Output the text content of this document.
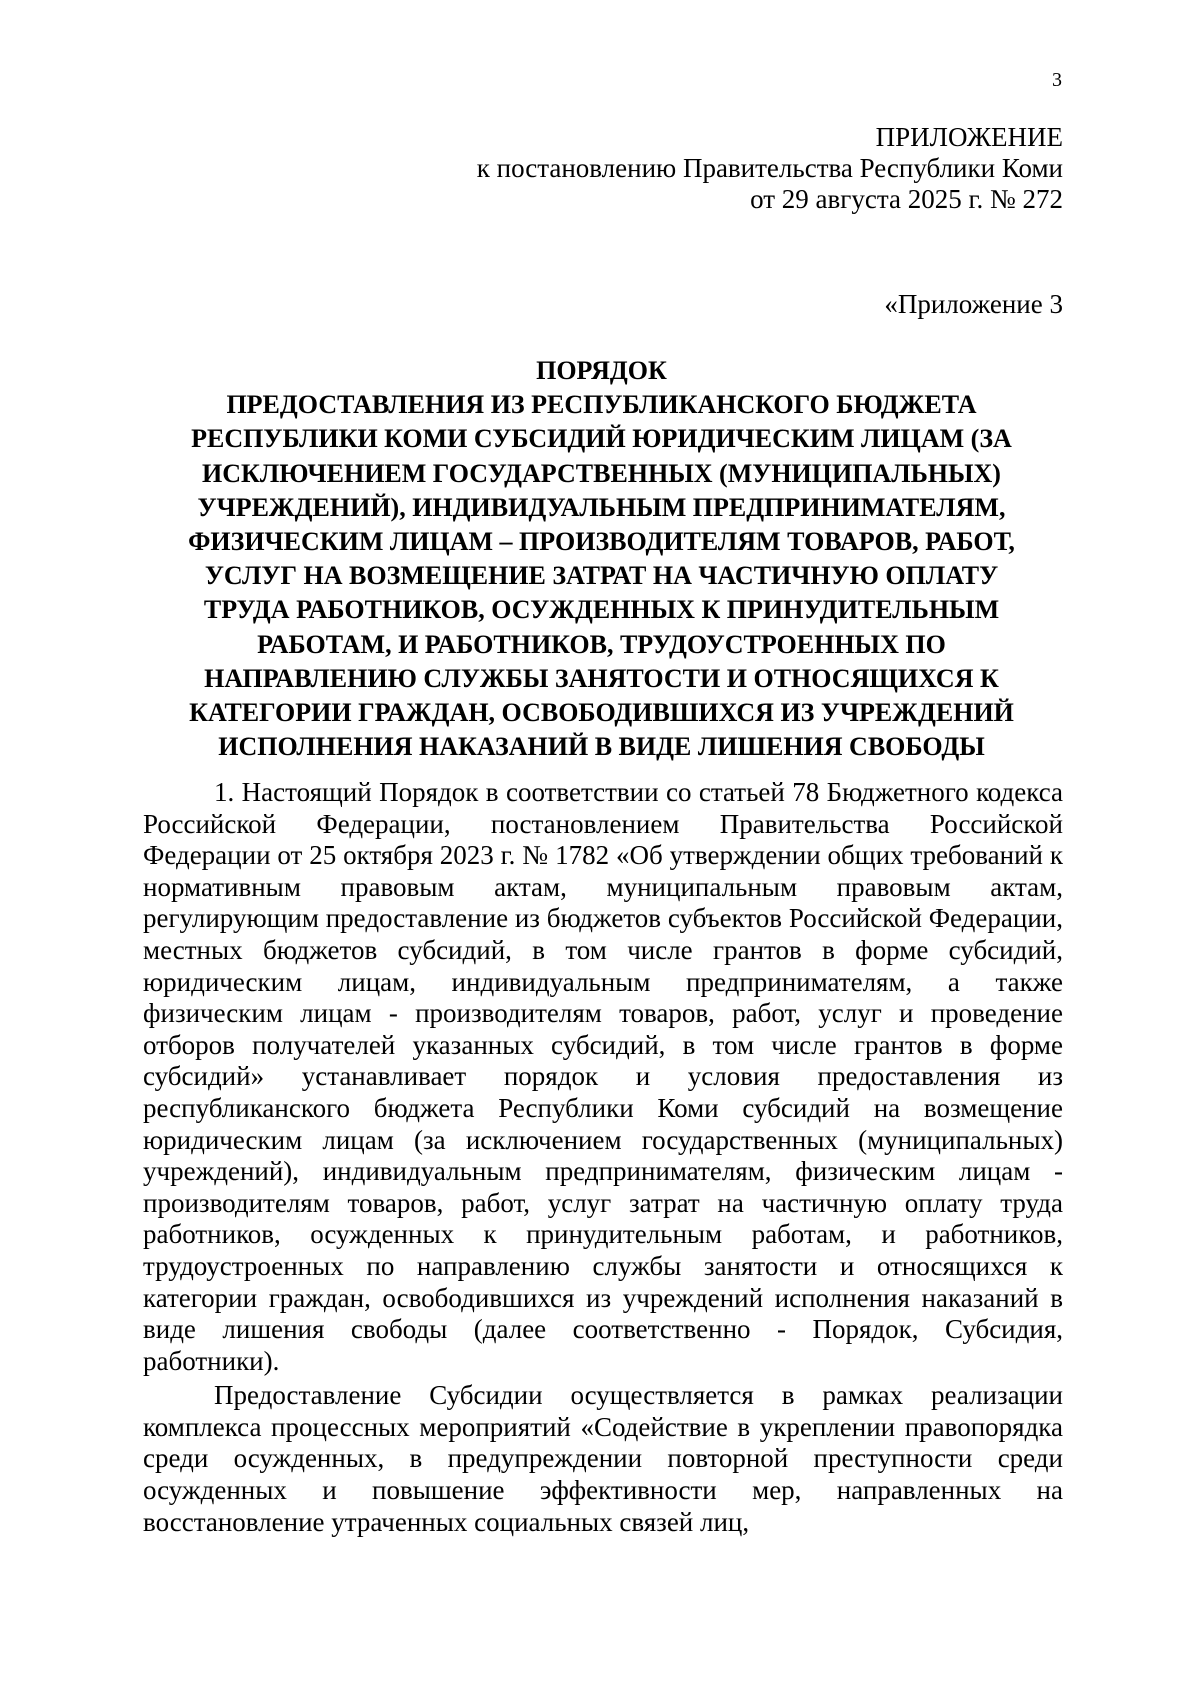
3
ПРИЛОЖЕНИЕ
к постановлению Правительства Республики Коми
от 29 августа 2025 г. № 272
«Приложение 3
ПОРЯДОК
ПРЕДОСТАВЛЕНИЯ ИЗ РЕСПУБЛИКАНСКОГО БЮДЖЕТА
РЕСПУБЛИКИ КОМИ СУБСИДИЙ ЮРИДИЧЕСКИМ ЛИЦАМ (ЗА
ИСКЛЮЧЕНИЕМ ГОСУДАРСТВЕННЫХ (МУНИЦИПАЛЬНЫХ)
УЧРЕЖДЕНИЙ), ИНДИВИДУАЛЬНЫМ ПРЕДПРИНИМАТЕЛЯМ,
ФИЗИЧЕСКИМ ЛИЦАМ – ПРОИЗВОДИТЕЛЯМ ТОВАРОВ, РАБОТ,
УСЛУГ НА ВОЗМЕЩЕНИЕ ЗАТРАТ НА ЧАСТИЧНУЮ ОПЛАТУ
ТРУДА РАБОТНИКОВ, ОСУЖДЕННЫХ К ПРИНУДИТЕЛЬНЫМ
РАБОТАМ, И РАБОТНИКОВ, ТРУДОУСТРОЕННЫХ ПО
НАПРАВЛЕНИЮ СЛУЖБЫ ЗАНЯТОСТИ И ОТНОСЯЩИХСЯ К
КАТЕГОРИИ ГРАЖДАН, ОСВОБОДИВШИХСЯ ИЗ УЧРЕЖДЕНИЙ
ИСПОЛНЕНИЯ НАКАЗАНИЙ В ВИДЕ ЛИШЕНИЯ СВОБОДЫ

1. Настоящий Порядок в соответствии со статьей 78 Бюджетного кодекса Российской Федерации, постановлением Правительства Российской Федерации от 25 октября 2023 г. № 1782 «Об утверждении общих требований к нормативным правовым актам, муниципальным правовым актам, регулирующим предоставление из бюджетов субъектов Российской Федерации, местных бюджетов субсидий, в том числе грантов в форме субсидий, юридическим лицам, индивидуальным предпринимателям, а также физическим лицам - производителям товаров, работ, услуг и проведение отборов получателей указанных субсидий, в том числе грантов в форме субсидий» устанавливает порядок и условия предоставления из республиканского бюджета Республики Коми субсидий на возмещение юридическим лицам (за исключением государственных (муниципальных) учреждений), индивидуальным предпринимателям, физическим лицам - производителям товаров, работ, услуг затрат на частичную оплату труда работников, осужденных к принудительным работам, и работников, трудоустроенных по направлению службы занятости и относящихся к категории граждан, освободившихся из учреждений исполнения наказаний в виде лишения свободы (далее соответственно - Порядок, Субсидия, работники).

Предоставление Субсидии осуществляется в рамках реализации комплекса процессных мероприятий «Содействие в укреплении правопорядка среди осужденных, в предупреждении повторной преступности среди осужденных и повышение эффективности мер, направленных на восстановление утраченных социальных связей лиц,
